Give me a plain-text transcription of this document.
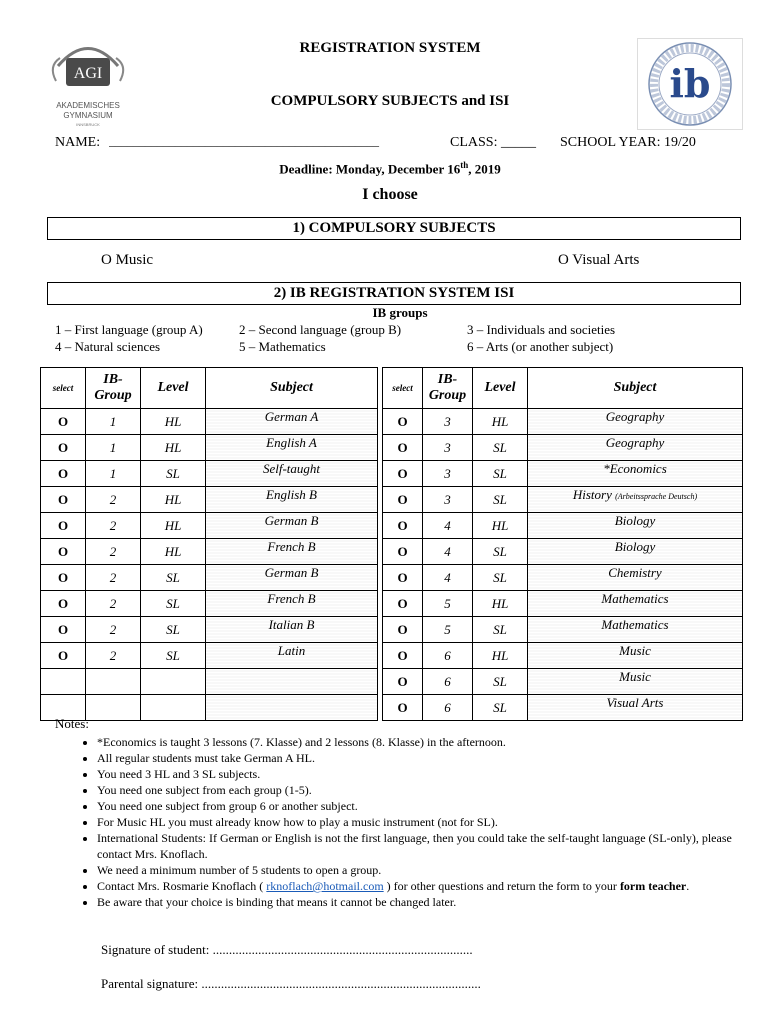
AGI
AKADEMISCHES
GYMNASIUM
INNSBRUCK
ib
REGISTRATION SYSTEM
COMPULSORY SUBJECTS and ISI
NAME: _____________________________________________	CLASS: _____ SCHOOL YEAR: 19/20
Deadline: Monday, December 16th, 2019
I choose
1) COMPULSORY SUBJECTS
O Music	O Visual Arts
2) IB REGISTRATION SYSTEM ISI
IB groups
1 – First language (group A)	2 – Second language (group B)	3 – Individuals and societies
4 – Natural sciences	5 – Mathematics	6 – Arts (or another subject)
select	IB-Group	Level	Subject		select	IB-Group	Level	Subject
O	1	HL	German A		O	3	HL	Geography
O	1	HL	English A		O	3	SL	Geography
O	1	SL	Self-taught		O	3	SL	*Economics
O	2	HL	English B		O	3	SL	History (Arbeitssprache Deutsch)
O	2	HL	German B		O	4	HL	Biology
O	2	HL	French B		O	4	SL	Biology
O	2	SL	German B		O	4	SL	Chemistry
O	2	SL	French B		O	5	HL	Mathematics
O	2	SL	Italian B		O	5	SL	Mathematics
O	2	SL	Latin		O	6	HL	Music
					O	6	SL	Music
					O	6	SL	Visual Arts
Notes:
• *Economics is taught 3 lessons (7. Klasse) and 2 lessons (8. Klasse) in the afternoon.
• All regular students must take German A HL.
• You need 3 HL and 3 SL subjects.
• You need one subject from each group (1-5).
• You need one subject from group 6 or another subject.
• For Music HL you must already know how to play a music instrument (not for SL).
• International Students: If German or English is not the first language, then you could take the self-taught language (SL-only), please contact Mrs. Knoflach.
• We need a minimum number of 5 students to open a group.
• Contact Mrs. Rosmarie Knoflach ( rknoflach@hotmail.com ) for other questions and return the form to your form teacher.
• Be aware that your choice is binding that means it cannot be changed later.
Signature of student: ................................................................................
Parental signature: ......................................................................................
